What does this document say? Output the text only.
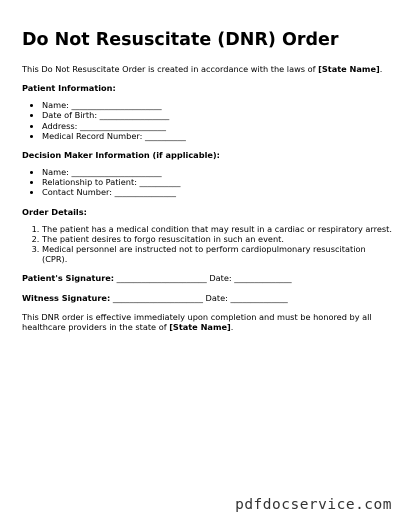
Do Not Resuscitate (DNR) Order

This Do Not Resuscitate Order is created in accordance with the laws of [State Name].

Patient Information:
• Name: ______________________
• Date of Birth: _________________
• Address: _____________________
• Medical Record Number: __________
Decision Maker Information (if applicable):
• Name: ______________________
• Relationship to Patient: __________
• Contact Number: _______________
Order Details:
1. The patient has a medical condition that may result in a cardiac or respiratory arrest.
2. The patient desires to forgo resuscitation in such an event.
3. Medical personnel are instructed not to perform cardiopulmonary resuscitation (CPR).

Patient's Signature: ______________________ Date: ______________

Witness Signature: ______________________ Date: ______________

This DNR order is effective immediately upon completion and must be honored by all healthcare providers in the state of [State Name].

pdfdocservice.com
